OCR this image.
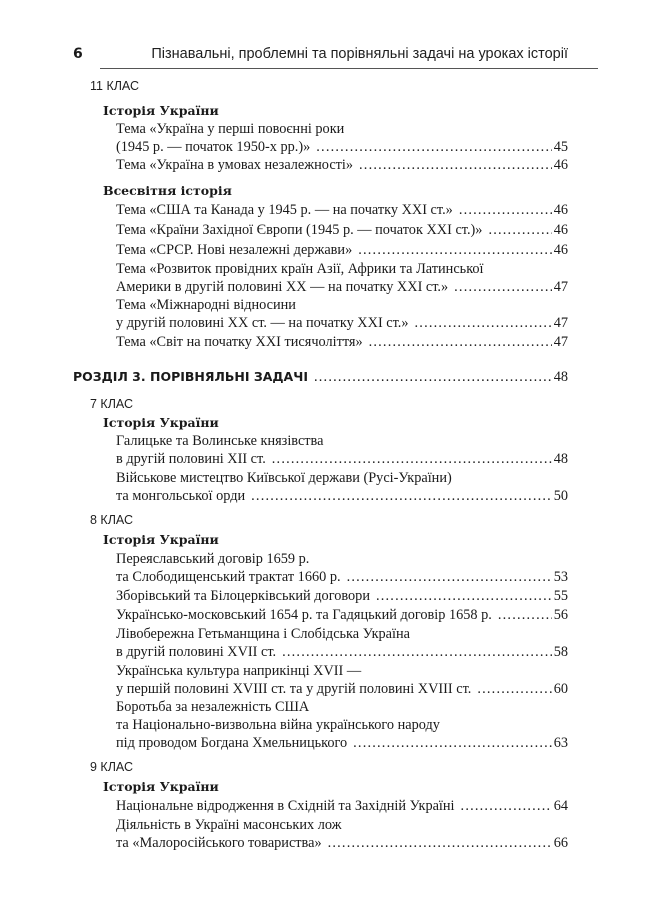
6	Пізнавальні, проблемні та порівняльні задачі на уроках історії
11 КЛАС
Історія України
Тема «Україна у перші повоєнні роки
(1945 р. — початок 1950-х рр.)» .....	45
Тема «Україна в умовах незалежності» .....	46
Всесвітня історія
Тема «США та Канада у 1945 р. — на початку XXI ст.» .....	46
Тема «Країни Західної Європи (1945 р. — початок XXI ст.)» .....	46
Тема «СРСР. Нові незалежні держави» .....	46
Тема «Розвиток провідних країн Азії, Африки та Латинської
Америки в другій половині XX — на початку XXI ст.» .....	47
Тема «Міжнародні відносини
у другій половині XX ст. — на початку XXI ст.» .....	47
Тема «Світ на початку XXI тисячоліття» .....	47
РОЗДІЛ 3. ПОРІВНЯЛЬНІ ЗАДАЧІ .....	48
7 КЛАС
Історія України
Галицьке та Волинське князівства
в другій половині XII ст. .....	48
Військове мистецтво Київської держави (Русі-України)
та монгольської орди .....	50
8 КЛАС
Історія України
Переяславський договір 1659 р.
та Слободищенський трактат 1660 р. .....	53
Зборівський та Білоцерківський договори .....	55
Українсько-московський 1654 р. та Гадяцький договір 1658 р. .....	56
Лівобережна Гетьманщина і Слобідська Україна
в другій половині XVII ст. .....	58
Українська культура наприкінці XVII —
у першій половині XVIII ст. та у другій половині XVIII ст. .....	60
Боротьба за незалежність США
та Національно-визвольна війна українського народу
під проводом Богдана Хмельницького .....	63
9 КЛАС
Історія України
Національне відродження в Східній та Західній Україні .....	64
Діяльність в Україні масонських лож
та «Малоросійського товариства» .....	66
